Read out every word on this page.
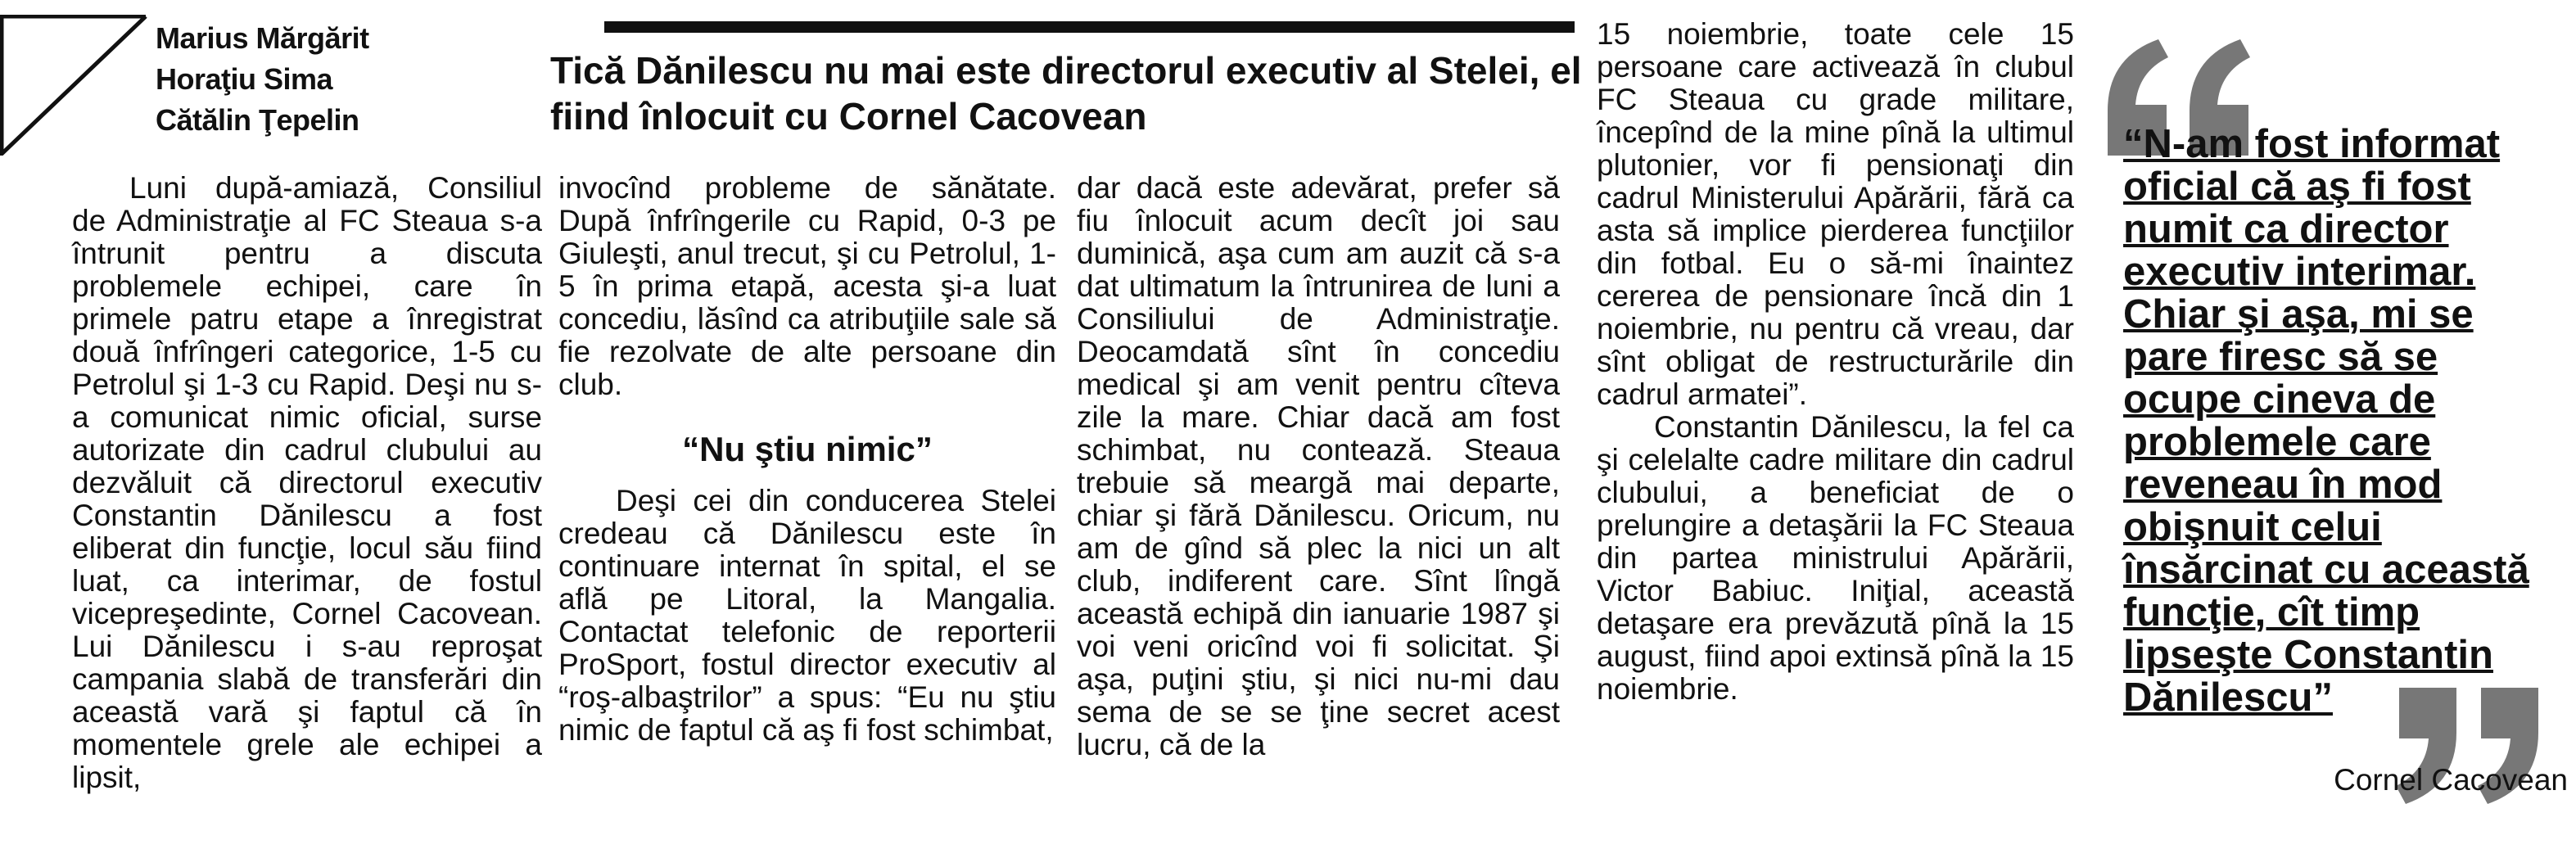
Marius Mărgărit
Horaţiu Sima
Cătălin Ţepelin
Tică Dănilescu nu mai este directorul executiv al Stelei, el fiind înlocuit cu Cornel Cacovean

Luni după-amiază, Consiliul de Administraţie al FC Steaua s-a întrunit pentru a discuta problemele echipei, care în primele patru etape a înregistrat două înfrîngeri categorice, 1-5 cu Petrolul şi 1-3 cu Rapid. Deşi nu s-a comunicat nimic oficial, surse autorizate din cadrul clubului au dezvăluit că directorul executiv Constantin Dănilescu a fost eliberat din funcţie, locul său fiind luat, ca interimar, de fostul vicepreşedinte, Cornel Cacovean. Lui Dănilescu i s-au reproşat campania slabă de transferări din această vară şi faptul că în momentele grele ale echipei a lipsit,

invocînd probleme de sănătate. După înfrîngerile cu Rapid, 0-3 pe Giuleşti, anul trecut, şi cu Petrolul, 1-5 în prima etapă, acesta şi-a luat concediu, lăsînd ca atribuţiile sale să fie rezolvate de alte persoane din club.

“Nu ştiu nimic”

Deşi cei din conducerea Stelei credeau că Dănilescu este în continuare internat în spital, el se află pe Litoral, la Mangalia. Contactat telefonic de reporterii ProSport, fostul director executiv al “roş-albaştrilor” a spus: “Eu nu ştiu nimic de faptul că aş fi fost schimbat,

dar dacă este adevărat, prefer să fiu înlocuit acum decît joi sau duminică, aşa cum am auzit că s-a dat ultimatum la întrunirea de luni a Consiliului de Administraţie. Deocamdată sînt în concediu medical şi am venit pentru cîteva zile la mare. Chiar dacă am fost schimbat, nu contează. Steaua trebuie să meargă mai departe, chiar şi fără Dănilescu. Oricum, nu am de gînd să plec la nici un alt club, indiferent care. Sînt lîngă această echipă din ianuarie 1987 şi voi veni oricînd voi fi solicitat. Şi aşa, puţini ştiu, şi nici nu-mi dau sema de se se ţine secret acest lucru, că de la

15 noiembrie, toate cele 15 persoane care activează în clubul FC Steaua cu grade militare, începînd de la mine pînă la ultimul plutonier, vor fi pensionaţi din cadrul Ministerului Apărării, fără ca asta să implice pierderea funcţiilor din fotbal. Eu o să-mi înaintez cererea de pensionare încă din 1 noiembrie, nu pentru că vreau, dar sînt obligat de restructurările din cadrul armatei”.

Constantin Dănilescu, la fel ca şi celelalte cadre militare din cadrul clubului, a beneficiat de o prelungire a detaşării la FC Steaua din partea ministrului Apărării, Victor Babiuc. Iniţial, această detaşare era prevăzută pînă la 15 august, fiind apoi extinsă pînă la 15 noiembrie.

“N-am fost informat oficial că aş fi fost numit ca director executiv interimar. Chiar şi aşa, mi se pare firesc să se ocupe cineva de problemele care reveneau în mod obişnuit celui însărcinat cu această funcţie, cît timp lipseşte Constantin Dănilescu”
Cornel Cacovean
